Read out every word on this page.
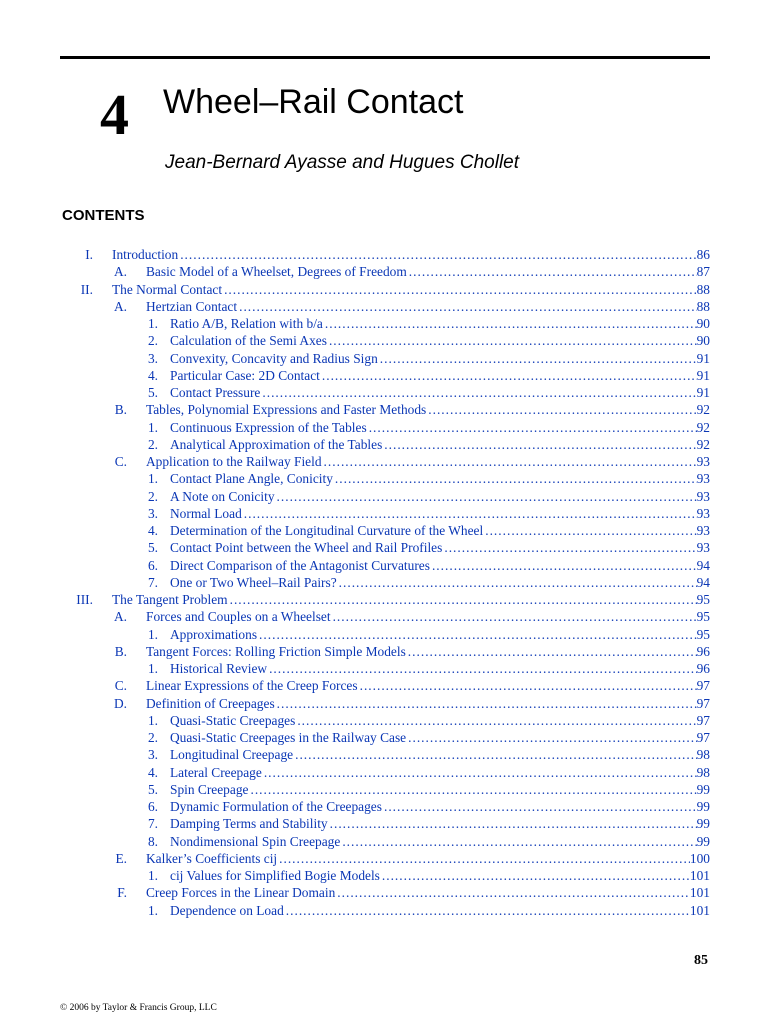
4 Wheel–Rail Contact
Jean-Bernard Ayasse and Hugues Chollet
CONTENTS
I. Introduction .....	86
A. Basic Model of a Wheelset, Degrees of Freedom .....	87
II. The Normal Contact .....	88
A. Hertzian Contact .....	88
1. Ratio A/B, Relation with b/a .....	90
2. Calculation of the Semi Axes .....	90
3. Convexity, Concavity and Radius Sign .....	91
4. Particular Case: 2D Contact .....	91
5. Contact Pressure .....	91
B. Tables, Polynomial Expressions and Faster Methods .....	92
1. Continuous Expression of the Tables .....	92
2. Analytical Approximation of the Tables .....	92
C. Application to the Railway Field .....	93
1. Contact Plane Angle, Conicity .....	93
2. A Note on Conicity .....	93
3. Normal Load .....	93
4. Determination of the Longitudinal Curvature of the Wheel .....	93
5. Contact Point between the Wheel and Rail Profiles .....	93
6. Direct Comparison of the Antagonist Curvatures .....	94
7. One or Two Wheel–Rail Pairs? .....	94
III. The Tangent Problem .....	95
A. Forces and Couples on a Wheelset .....	95
1. Approximations .....	95
B. Tangent Forces: Rolling Friction Simple Models .....	96
1. Historical Review .....	96
C. Linear Expressions of the Creep Forces .....	97
D. Definition of Creepages .....	97
1. Quasi-Static Creepages .....	97
2. Quasi-Static Creepages in the Railway Case .....	97
3. Longitudinal Creepage .....	98
4. Lateral Creepage .....	98
5. Spin Creepage .....	99
6. Dynamic Formulation of the Creepages .....	99
7. Damping Terms and Stability .....	99
8. Nondimensional Spin Creepage .....	99
E. Kalker’s Coefficients cij .....	100
1. cij Values for Simplified Bogie Models .....	101
F. Creep Forces in the Linear Domain .....	101
1. Dependence on Load .....	101
85
© 2006 by Taylor & Francis Group, LLC
